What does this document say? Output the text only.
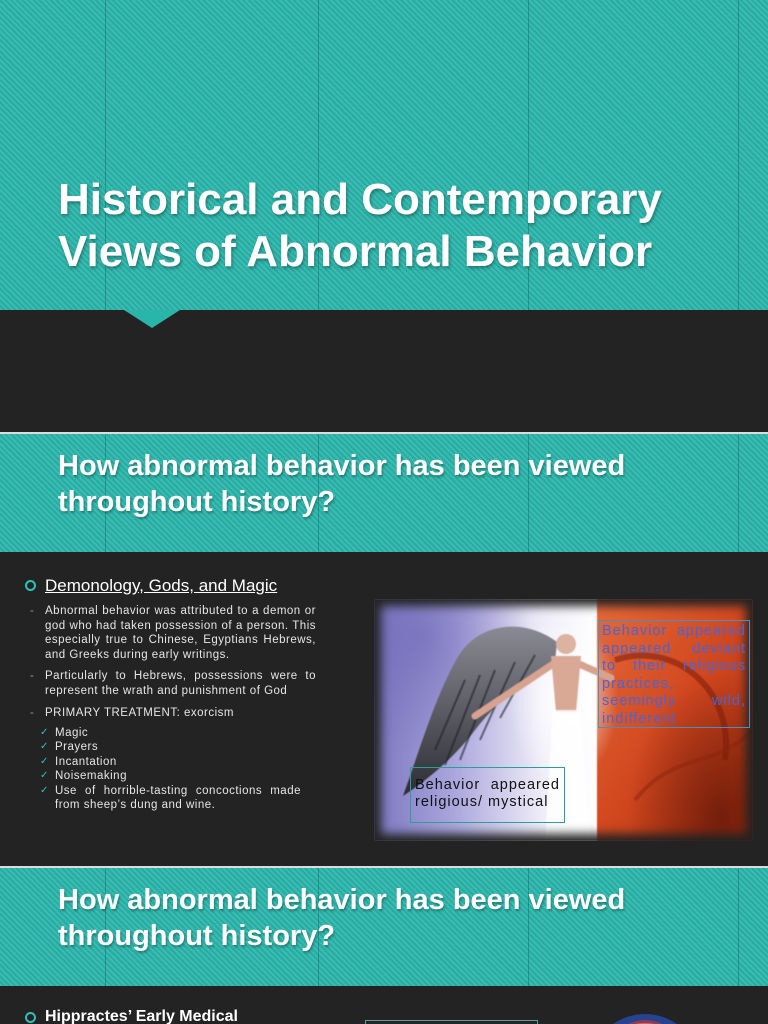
Historical and Contemporary
Views of Abnormal Behavior
How abnormal behavior has been viewed
throughout history?
Demonology, Gods, and Magic
- Abnormal behavior was attributed to a demon or god who had taken possession of a person. This especially true to Chinese, Egyptians Hebrews, and Greeks during early writings.
- Particularly to Hebrews, possessions were to represent the wrath and punishment of God
- PRIMARY TREATMENT: exorcism
✓ Magic
✓ Prayers
✓ Incantation
✓ Noisemaking
✓ Use of horrible-tasting concoctions made from sheep’s dung and wine.
Behavior appeared appeared deviant to their religious practices, seemingly wild, indifferent
Behavior appeared religious/ mystical
How abnormal behavior has been viewed
throughout history?
Hippractes’ Early Medical
